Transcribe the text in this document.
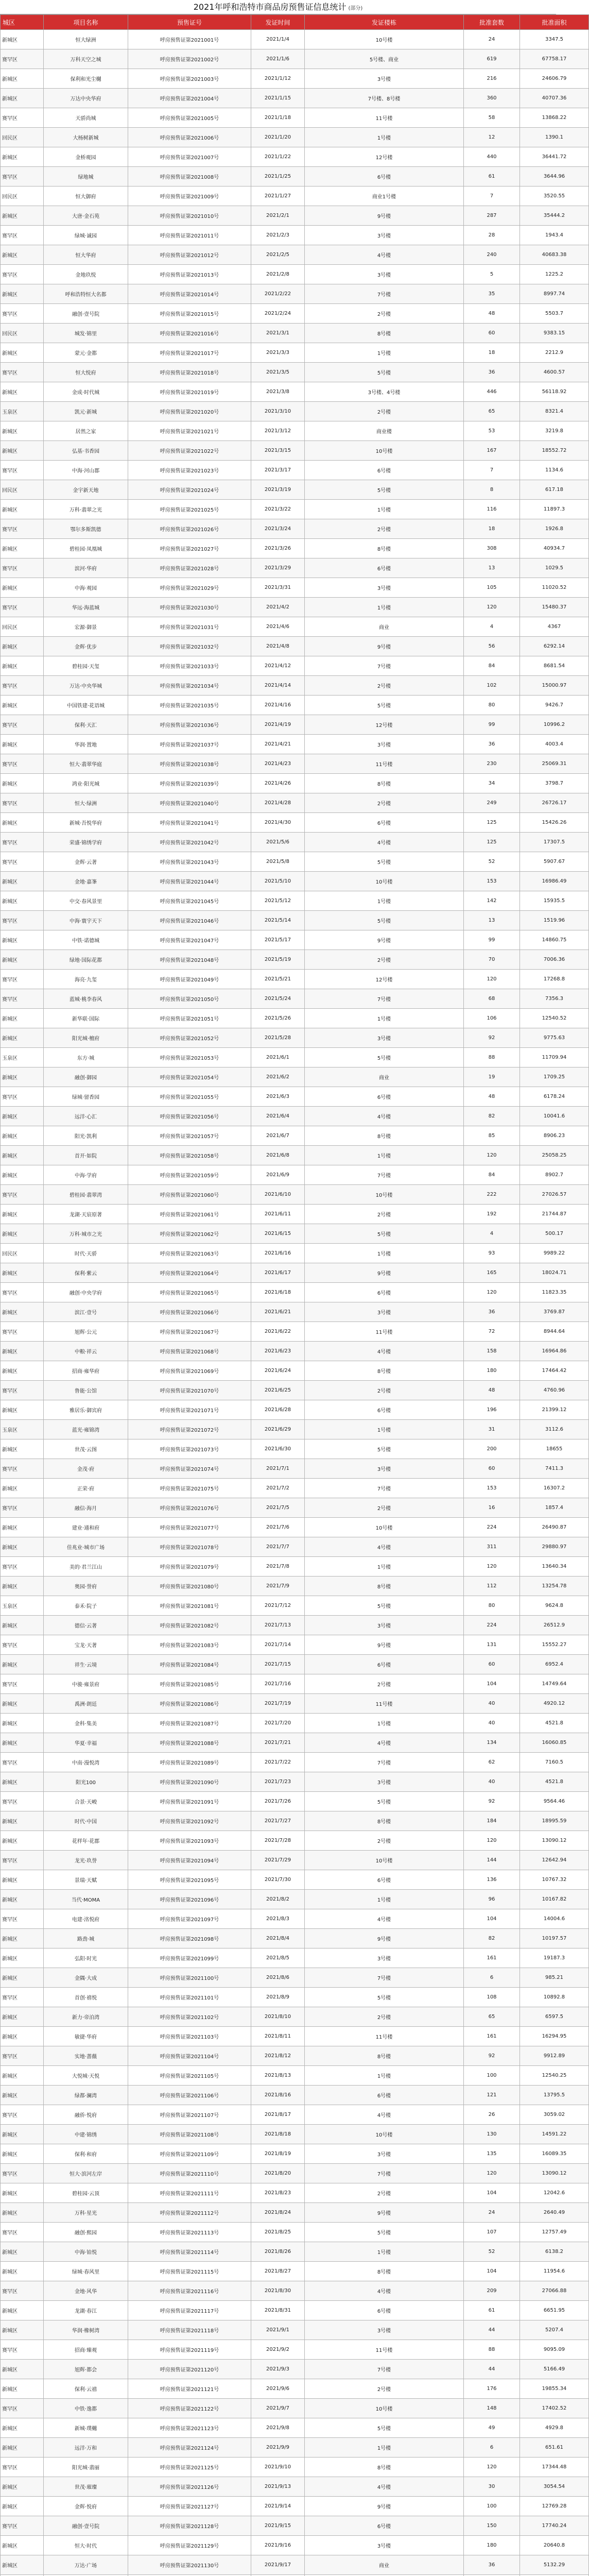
2021年呼和浩特市商品房预售证信息统计 (部分)
城区	项目名称	预售证号	发证时间	发证楼栋	批准套数	批准面积
新城区	恒大绿洲	呼房预售证第2021001号	2021/1/4	10号楼	24	3347.5
赛罕区	万科天空之城	呼房预售证第2021002号	2021/1/6	5号楼、商业	619	67758.17
新城区	保利和光尘樾	呼房预售证第2021003号	2021/1/12	3号楼	216	24606.79
新城区	万达中央华府	呼房预售证第2021004号	2021/1/15	7号楼、8号楼	360	40707.36
赛罕区	天骄尚城	呼房预售证第2021005号	2021/1/18	11号楼	58	13868.22
回民区	大杨树新城	呼房预售证第2021006号	2021/1/20	1号楼	12	1390.1
新城区	金桥观园	呼房预售证第2021007号	2021/1/22	12号楼	440	36441.72
赛罕区	绿地城	呼房预售证第2021008号	2021/1/25	6号楼	61	3644.96
回民区	恒大御府	呼房预售证第2021009号	2021/1/27	商业1号楼	7	3520.55
新城区	大唐·金石苑	呼房预售证第2021010号	2021/2/1	9号楼	287	35444.2
赛罕区	绿城·诚园	呼房预售证第2021011号	2021/2/3	3号楼	28	1943.4
新城区	恒大华府	呼房预售证第2021012号	2021/2/5	4号楼	240	40683.38
赛罕区	金地玖悦	呼房预售证第2021013号	2021/2/8	3号楼	5	1225.2
新城区	呼和浩特恒大名都	呼房预售证第2021014号	2021/2/22	7号楼	35	8997.74
赛罕区	融创·壹号院	呼房预售证第2021015号	2021/2/24	2号楼	48	5503.7
回民区	城发·锦里	呼房预售证第2021016号	2021/3/1	8号楼	60	9383.15
新城区	蒙元·金都	呼房预售证第2021017号	2021/3/3	1号楼	18	2212.9
赛罕区	恒大悦府	呼房预售证第2021018号	2021/3/5	5号楼	36	4600.57
新城区	金成·时代城	呼房预售证第2021019号	2021/3/8	3号楼、4号楼	446	56118.92
玉泉区	凯元·新城	呼房预售证第2021020号	2021/3/10	2号楼	65	8321.4
新城区	居然之家	呼房预售证第2021021号	2021/3/12	商业楼	53	3219.8
新城区	弘基·书香园	呼房预售证第2021022号	2021/3/15	10号楼	167	18552.72
赛罕区	中海·河山郡	呼房预售证第2021023号	2021/3/17	6号楼	7	1134.6
回民区	金宇新天地	呼房预售证第2021024号	2021/3/19	5号楼	8	617.18
新城区	万科·翡翠之光	呼房预售证第2021025号	2021/3/22	1号楼	116	11897.3
赛罕区	鄂尔多斯凯德	呼房预售证第2021026号	2021/3/24	2号楼	18	1926.8
新城区	碧桂园·凤凰城	呼房预售证第2021027号	2021/3/26	8号楼	308	40934.7
赛罕区	滨河·华府	呼房预售证第2021028号	2021/3/29	6号楼	13	1029.5
新城区	中海·观园	呼房预售证第2021029号	2021/3/31	3号楼	105	11020.52
赛罕区	华远·海蓝城	呼房预售证第2021030号	2021/4/2	1号楼	120	15480.37
回民区	宏源·御景	呼房预售证第2021031号	2021/4/6	商业	4	4367
新城区	金辉·优步	呼房预售证第2021032号	2021/4/8	9号楼	56	6292.14
新城区	碧桂园·天玺	呼房预售证第2021033号	2021/4/12	7号楼	84	8681.54
赛罕区	万达·中央华城	呼房预售证第2021034号	2021/4/14	2号楼	102	15000.97
新城区	中国铁建·花语城	呼房预售证第2021035号	2021/4/16	5号楼	80	9426.7
赛罕区	保利·天汇	呼房预售证第2021036号	2021/4/19	12号楼	99	10996.2
新城区	华润·置地	呼房预售证第2021037号	2021/4/21	3号楼	36	4003.4
赛罕区	恒大·翡翠华庭	呼房预售证第2021038号	2021/4/23	11号楼	230	25069.31
新城区	鸿业·阳光城	呼房预售证第2021039号	2021/4/26	8号楼	34	3798.7
赛罕区	恒大·绿洲	呼房预售证第2021040号	2021/4/28	2号楼	249	26726.17
新城区	新城·吾悦华府	呼房预售证第2021041号	2021/4/30	6号楼	125	15426.26
赛罕区	荣盛·锦绣学府	呼房预售证第2021042号	2021/5/6	4号楼	125	17307.5
赛罕区	金辉·云著	呼房预售证第2021043号	2021/5/8	5号楼	52	5907.67
新城区	金地·嘉峯	呼房预售证第2021044号	2021/5/10	10号楼	153	16986.49
新城区	中交·春风景里	呼房预售证第2021045号	2021/5/12	1号楼	142	15935.5
赛罕区	中海·寰宇天下	呼房预售证第2021046号	2021/5/14	5号楼	13	1519.96
新城区	中铁·诺德城	呼房预售证第2021047号	2021/5/17	9号楼	99	14860.75
新城区	绿地·国际花都	呼房预售证第2021048号	2021/5/19	2号楼	70	7006.36
赛罕区	海亮·九玺	呼房预售证第2021049号	2021/5/21	12号楼	120	17268.8
赛罕区	蓝城·桃李春风	呼房预售证第2021050号	2021/5/24	7号楼	68	7356.3
新城区	新华联·国际	呼房预售证第2021051号	2021/5/26	1号楼	106	12540.52
新城区	阳光城·檀府	呼房预售证第2021052号	2021/5/28	3号楼	92	9775.63
玉泉区	东方·城	呼房预售证第2021053号	2021/6/1	5号楼	88	11709.94
新城区	融创·御园	呼房预售证第2021054号	2021/6/2	商业	19	1709.25
赛罕区	绿城·留香园	呼房预售证第2021055号	2021/6/3	6号楼	48	6178.24
新城区	远洋·心汇	呼房预售证第2021056号	2021/6/4	4号楼	82	10041.6
新城区	阳光·凯利	呼房预售证第2021057号	2021/6/7	8号楼	85	8906.23
新城区	首开·如院	呼房预售证第2021058号	2021/6/8	1号楼	120	25058.25
新城区	中海·学府	呼房预售证第2021059号	2021/6/9	7号楼	84	8902.7
赛罕区	碧桂园·翡翠湾	呼房预售证第2021060号	2021/6/10	10号楼	222	27026.57
新城区	龙湖·天宸原著	呼房预售证第2021061号	2021/6/11	2号楼	192	21744.87
新城区	万科·城市之光	呼房预售证第2021062号	2021/6/15	5号楼	4	500.17
回民区	时代·天骄	呼房预售证第2021063号	2021/6/16	1号楼	93	9989.22
新城区	保利·紫云	呼房预售证第2021064号	2021/6/17	9号楼	165	18024.71
赛罕区	融创·中央学府	呼房预售证第2021065号	2021/6/18	6号楼	120	11823.35
新城区	滨江·壹号	呼房预售证第2021066号	2021/6/21	3号楼	36	3769.87
赛罕区	旭辉·公元	呼房预售证第2021067号	2021/6/22	11号楼	72	8944.64
新城区	中粮·祥云	呼房预售证第2021068号	2021/6/23	4号楼	158	16964.86
新城区	招商·雍华府	呼房预售证第2021069号	2021/6/24	8号楼	180	17464.42
赛罕区	鲁能·公馆	呼房预售证第2021070号	2021/6/25	2号楼	48	4760.96
新城区	雅居乐·御宾府	呼房预售证第2021071号	2021/6/28	6号楼	196	21399.12
玉泉区	蓝光·雍锦湾	呼房预售证第2021072号	2021/6/29	1号楼	31	3112.6
新城区	世茂·云图	呼房预售证第2021073号	2021/6/30	5号楼	200	18655
赛罕区	金茂·府	呼房预售证第2021074号	2021/7/1	3号楼	60	7411.3
新城区	正荣·府	呼房预售证第2021075号	2021/7/2	7号楼	153	16307.2
赛罕区	融信·海月	呼房预售证第2021076号	2021/7/5	2号楼	16	1857.4
新城区	建业·通和府	呼房预售证第2021077号	2021/7/6	10号楼	224	26490.87
新城区	佳兆业·城市广场	呼房预售证第2021078号	2021/7/7	4号楼	311	29880.97
赛罕区	美的·君兰江山	呼房预售证第2021079号	2021/7/8	1号楼	120	13640.34
新城区	奥园·誉府	呼房预售证第2021080号	2021/7/9	8号楼	112	13254.78
玉泉区	泰禾·院子	呼房预售证第2021081号	2021/7/12	5号楼	80	9624.8
新城区	德信·云著	呼房预售证第2021082号	2021/7/13	3号楼	224	26512.9
赛罕区	宝龙·天著	呼房预售证第2021083号	2021/7/14	9号楼	131	15552.27
新城区	祥生·云境	呼房预售证第2021084号	2021/7/15	6号楼	60	6952.4
赛罕区	中骏·雍景府	呼房预售证第2021085号	2021/7/16	2号楼	104	14749.64
新城区	禹洲·朗廷	呼房预售证第2021086号	2021/7/19	11号楼	40	4920.12
新城区	金科·集美	呼房预售证第2021087号	2021/7/20	1号楼	40	4521.8
新城区	华夏·幸福	呼房预售证第2021088号	2021/7/21	4号楼	134	16060.85
赛罕区	中南·漫悦湾	呼房预售证第2021089号	2021/7/22	7号楼	62	7160.5
新城区	阳光100	呼房预售证第2021090号	2021/7/23	3号楼	40	4521.8
赛罕区	合景·天峻	呼房预售证第2021091号	2021/7/26	5号楼	92	9564.46
新城区	时代·中国	呼房预售证第2021092号	2021/7/27	8号楼	184	18995.59
新城区	花样年·花郡	呼房预售证第2021093号	2021/7/28	2号楼	120	13090.12
赛罕区	龙光·玖誉	呼房预售证第2021094号	2021/7/29	10号楼	144	12642.94
新城区	景瑞·天赋	呼房预售证第2021095号	2021/7/30	6号楼	136	10767.32
新城区	当代·MOMA	呼房预售证第2021096号	2021/8/2	1号楼	96	10167.82
赛罕区	电建·洺悦府	呼房预售证第2021097号	2021/8/3	4号楼	104	14004.6
新城区	路劲·城	呼房预售证第2021098号	2021/8/4	9号楼	82	10197.57
新城区	弘阳·时光	呼房预售证第2021099号	2021/8/5	3号楼	161	19187.3
新城区	金隅·大成	呼房预售证第2021100号	2021/8/6	7号楼	6	985.21
赛罕区	首创·禧悦	呼房预售证第2021101号	2021/8/9	5号楼	108	10892.8
新城区	新力·帝泊湾	呼房预售证第2021102号	2021/8/10	2号楼	65	6597.5
新城区	敏捷·华府	呼房预售证第2021103号	2021/8/11	11号楼	161	16294.95
赛罕区	实地·蔷薇	呼房预售证第2021104号	2021/8/12	8号楼	92	9912.89
新城区	大悦城·天悦	呼房预售证第2021105号	2021/8/13	1号楼	100	12540.25
新城区	绿都·澜湾	呼房预售证第2021106号	2021/8/16	6号楼	121	13795.5
赛罕区	融侨·悦府	呼房预售证第2021107号	2021/8/17	4号楼	26	3059.02
新城区	中建·锦绣	呼房预售证第2021108号	2021/8/18	10号楼	130	14591.22
新城区	保利·和府	呼房预售证第2021109号	2021/8/19	3号楼	135	16089.35
赛罕区	恒大·滨河左岸	呼房预售证第2021110号	2021/8/20	7号楼	120	13090.12
新城区	碧桂园·云顶	呼房预售证第2021111号	2021/8/23	2号楼	104	12042.6
新城区	万科·星光	呼房预售证第2021112号	2021/8/24	9号楼	24	2640.49
赛罕区	融创·熙园	呼房预售证第2021113号	2021/8/25	5号楼	107	12757.49
新城区	中海·铂悦	呼房预售证第2021114号	2021/8/26	1号楼	52	6138.2
新城区	绿城·春风里	呼房预售证第2021115号	2021/8/27	8号楼	104	11954.6
赛罕区	金地·风华	呼房预售证第2021116号	2021/8/30	4号楼	209	27066.88
新城区	龙湖·春江	呼房预售证第2021117号	2021/8/31	6号楼	61	6651.95
新城区	华润·橡树湾	呼房预售证第2021118号	2021/9/1	3号楼	44	5207.4
赛罕区	招商·臻观	呼房预售证第2021119号	2021/9/2	11号楼	88	9095.09
新城区	旭辉·都会	呼房预售证第2021120号	2021/9/3	7号楼	44	5166.49
新城区	保利·云禧	呼房预售证第2021121号	2021/9/6	2号楼	176	19855.34
赛罕区	中铁·逸都	呼房预售证第2021122号	2021/9/7	10号楼	148	17402.52
新城区	新城·璞樾	呼房预售证第2021123号	2021/9/8	5号楼	49	4929.8
新城区	远洋·万和	呼房预售证第2021124号	2021/9/9	1号楼	6	651.61
赛罕区	阳光城·翡丽	呼房预售证第2021125号	2021/9/10	8号楼	120	17344.48
新城区	世茂·璀璨	呼房预售证第2021126号	2021/9/13	4号楼	30	3054.54
新城区	金辉·悦府	呼房预售证第2021127号	2021/9/14	9号楼	100	12769.28
赛罕区	融创·壹号院	呼房预售证第2021128号	2021/9/15	6号楼	150	17740.24
新城区	恒大·时代	呼房预售证第2021129号	2021/9/16	3号楼	180	20640.8
新城区	万达·广场	呼房预售证第2021130号	2021/9/17	商业	36	5132.29
